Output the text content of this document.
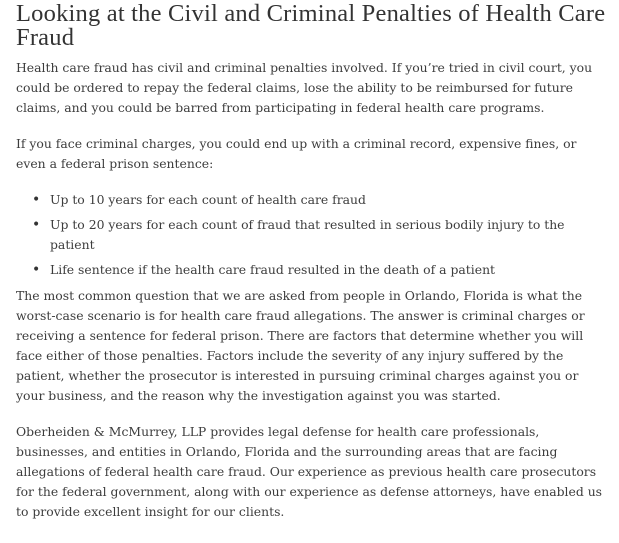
Looking at the Civil and Criminal Penalties of Health Care Fraud

Health care fraud has civil and criminal penalties involved. If you’re tried in civil court, you could be ordered to repay the federal claims, lose the ability to be reimbursed for future claims, and you could be barred from participating in federal health care programs.

If you face criminal charges, you could end up with a criminal record, expensive fines, or even a federal prison sentence:

• Up to 10 years for each count of health care fraud
• Up to 20 years for each count of fraud that resulted in serious bodily injury to the patient
• Life sentence if the health care fraud resulted in the death of a patient

The most common question that we are asked from people in Orlando, Florida is what the worst-case scenario is for health care fraud allegations. The answer is criminal charges or receiving a sentence for federal prison. There are factors that determine whether you will face either of those penalties. Factors include the severity of any injury suffered by the patient, whether the prosecutor is interested in pursuing criminal charges against you or your business, and the reason why the investigation against you was started.

Oberheiden & McMurrey, LLP provides legal defense for health care professionals, businesses, and entities in Orlando, Florida and the surrounding areas that are facing allegations of federal health care fraud. Our experience as previous health care prosecutors for the federal government, along with our experience as defense attorneys, have enabled us to provide excellent insight for our clients.
